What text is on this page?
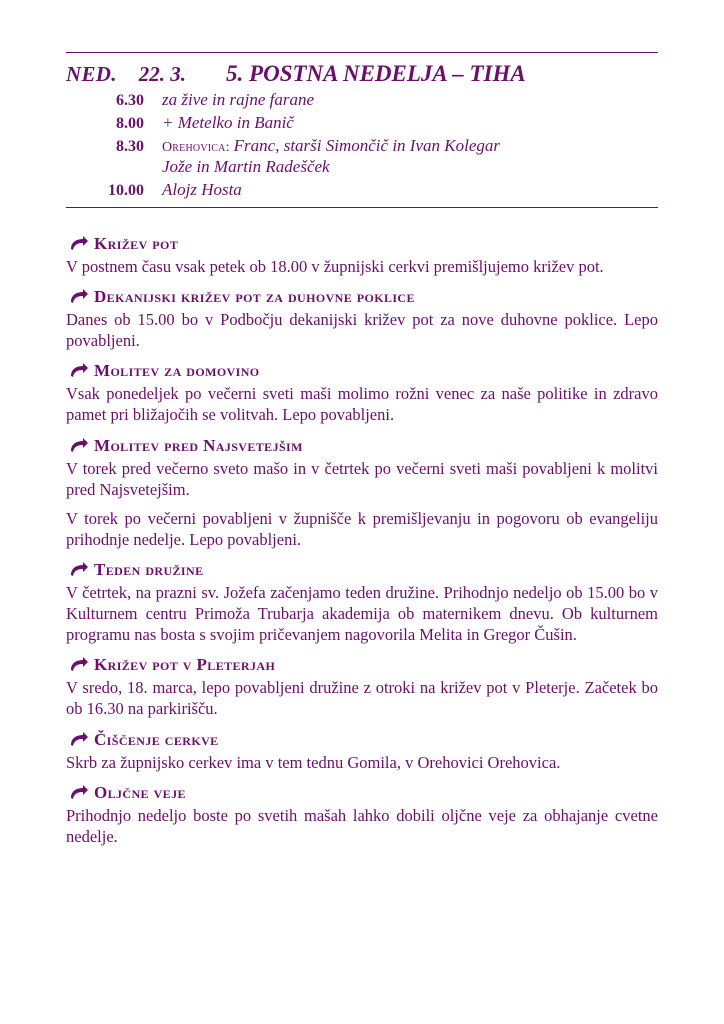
NED. 22. 3. 5. POSTNA NEDELJA – TIHA
6.30 za žive in rajne farane
8.00 + Metelko in Banič
8.30 Orehovica: Franc, starši Simončič in Ivan Kolegar
Jože in Martin Radešček
10.00 Alojz Hosta
Križev pot

V postnem času vsak petek ob 18.00 v župnijski cerkvi premišljujemo križev pot.

Dekanijski križev pot za duhovne poklice

Danes ob 15.00 bo v Podbočju dekanijski križev pot za nove duhovne poklice. Lepo povabljeni.

Molitev za domovino

Vsak ponedeljek po večerni sveti maši molimo rožni venec za naše politike in zdravo pamet pri bližajočih se volitvah. Lepo povabljeni.

Molitev pred Najsvetejšim

V torek pred večerno sveto mašo in v četrtek po večerni sveti maši povabljeni k molitvi pred Najsvetejšim.

V torek po večerni povabljeni v župnišče k premišljevanju in pogovoru ob evangeliju prihodnje nedelje. Lepo povabljeni.

Teden družine

V četrtek, na prazni sv. Jožefa začenjamo teden družine. Prihodnjo nedeljo ob 15.00 bo v Kulturnem centru Primoža Trubarja akademija ob maternikem dnevu. Ob kulturnem programu nas bosta s svojim pričevanjem nagovorila Melita in Gregor Čušin.

Križev pot v Pleterjah

V sredo, 18. marca, lepo povabljeni družine z otroki na križev pot v Pleterje. Začetek bo ob 16.30 na parkirišču.

Čiščenje cerkve

Skrb za župnijsko cerkev ima v tem tednu Gomila, v Orehovici Orehovica.

Oljčne veje

Prihodnjo nedeljo boste po svetih mašah lahko dobili oljčne veje za obhajanje cvetne nedelje.
